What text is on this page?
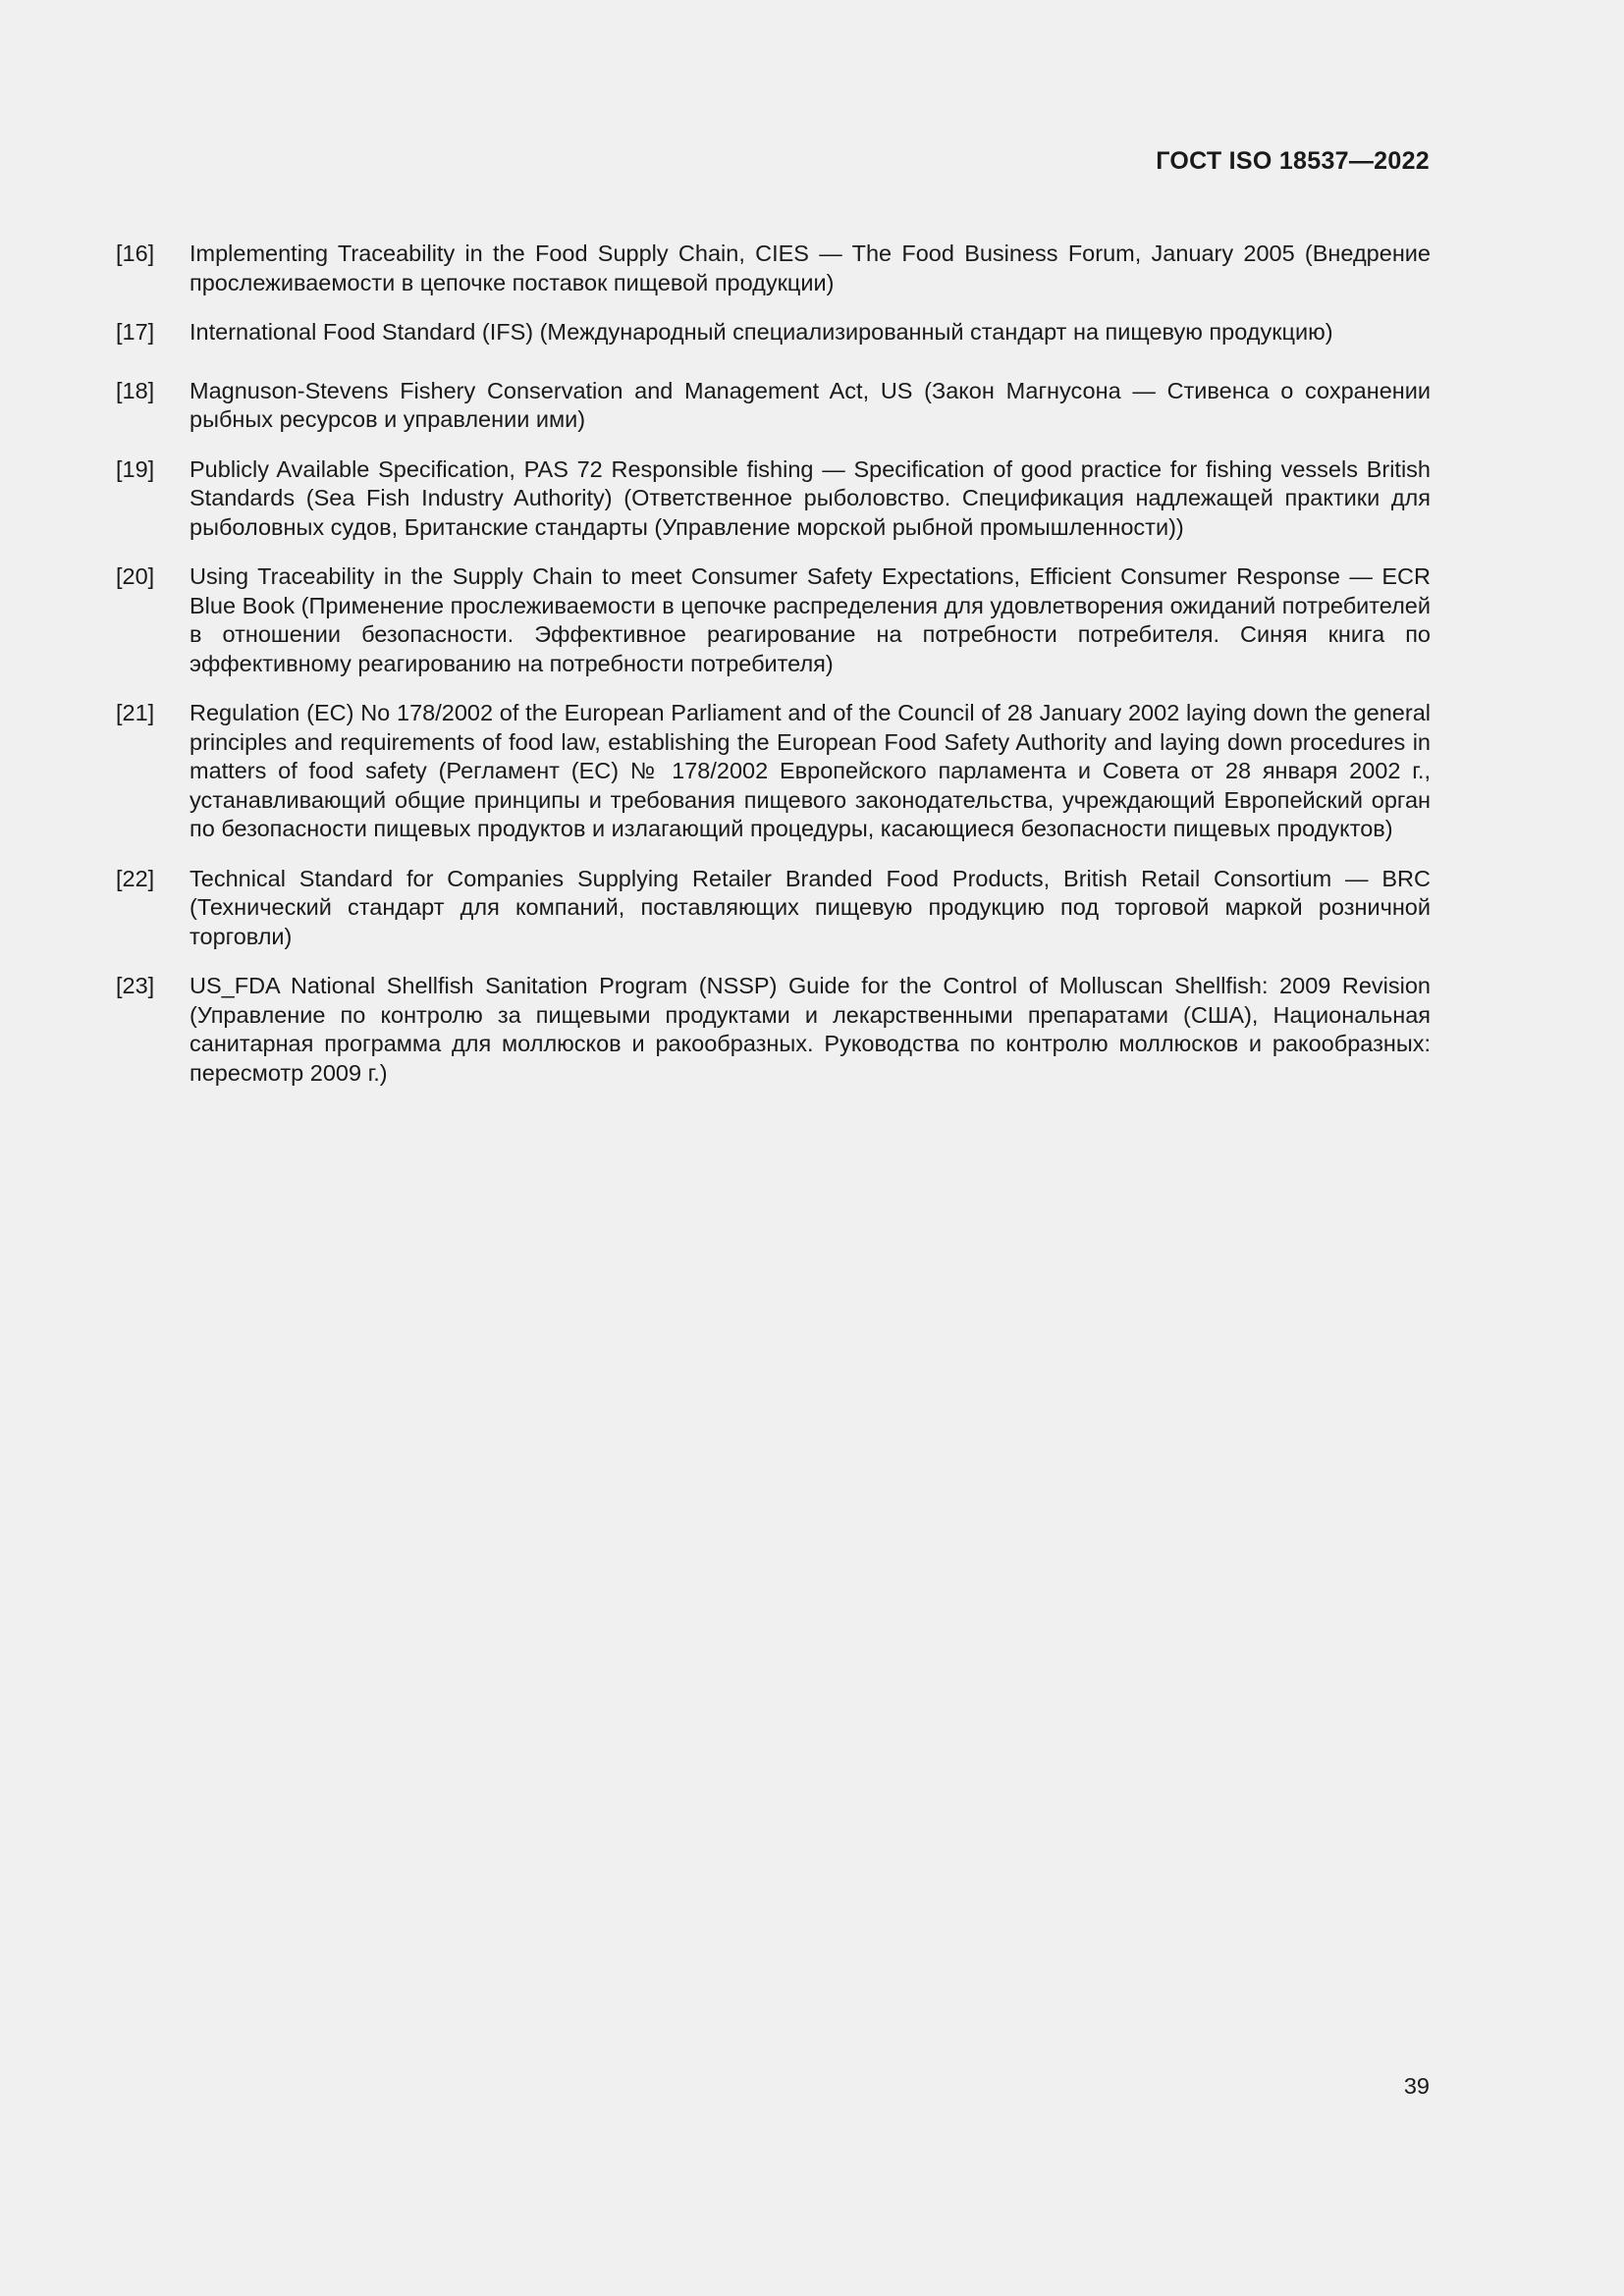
ГОСТ ISO 18537—2022
[16]	Implementing Traceability in the Food Supply Chain, CIES — The Food Business Forum, January 2005 (Внедрение прослеживаемости в цепочке поставок пищевой продукции)
[17]	International Food Standard (IFS) (Международный специализированный стандарт на пищевую продукцию)
[18]	Magnuson-Stevens Fishery Conservation and Management Act, US (Закон Магнусона — Стивенса о сохранении рыбных ресурсов и управлении ими)
[19]	Publicly Available Specification, PAS 72 Responsible fishing — Specification of good practice for fishing vessels British Standards (Sea Fish Industry Authority) (Ответственное рыболовство. Спецификация надлежащей практики для рыболовных судов, Британские стандарты (Управление морской рыбной промышленности))
[20]	Using Traceability in the Supply Chain to meet Consumer Safety Expectations, Efficient Consumer Response — ECR Blue Book (Применение прослеживаемости в цепочке распределения для удовлетворения ожиданий потребителей в отношении безопасности. Эффективное реагирование на потребности потребителя. Синяя книга по эффективному реагированию на потребности потребителя)
[21]	Regulation (EC) No 178/2002 of the European Parliament and of the Council of 28 January 2002 laying down the general principles and requirements of food law, establishing the European Food Safety Authority and laying down procedures in matters of food safety (Регламент (ЕС) № 178/2002 Европейского парламента и Совета от 28 января 2002 г., устанавливающий общие принципы и требования пищевого законодательства, учреждающий Европейский орган по безопасности пищевых продуктов и излагающий процедуры, касающиеся безопасности пищевых продуктов)
[22]	Technical Standard for Companies Supplying Retailer Branded Food Products, British Retail Consortium — BRC (Технический стандарт для компаний, поставляющих пищевую продукцию под торговой маркой розничной торговли)
[23]	US_FDA National Shellfish Sanitation Program (NSSP) Guide for the Control of Molluscan Shellfish: 2009 Revision (Управление по контролю за пищевыми продуктами и лекарственными препаратами (США), Национальная санитарная программа для моллюсков и ракообразных. Руководства по контролю моллюсков и ракообразных: пересмотр 2009 г.)
39
